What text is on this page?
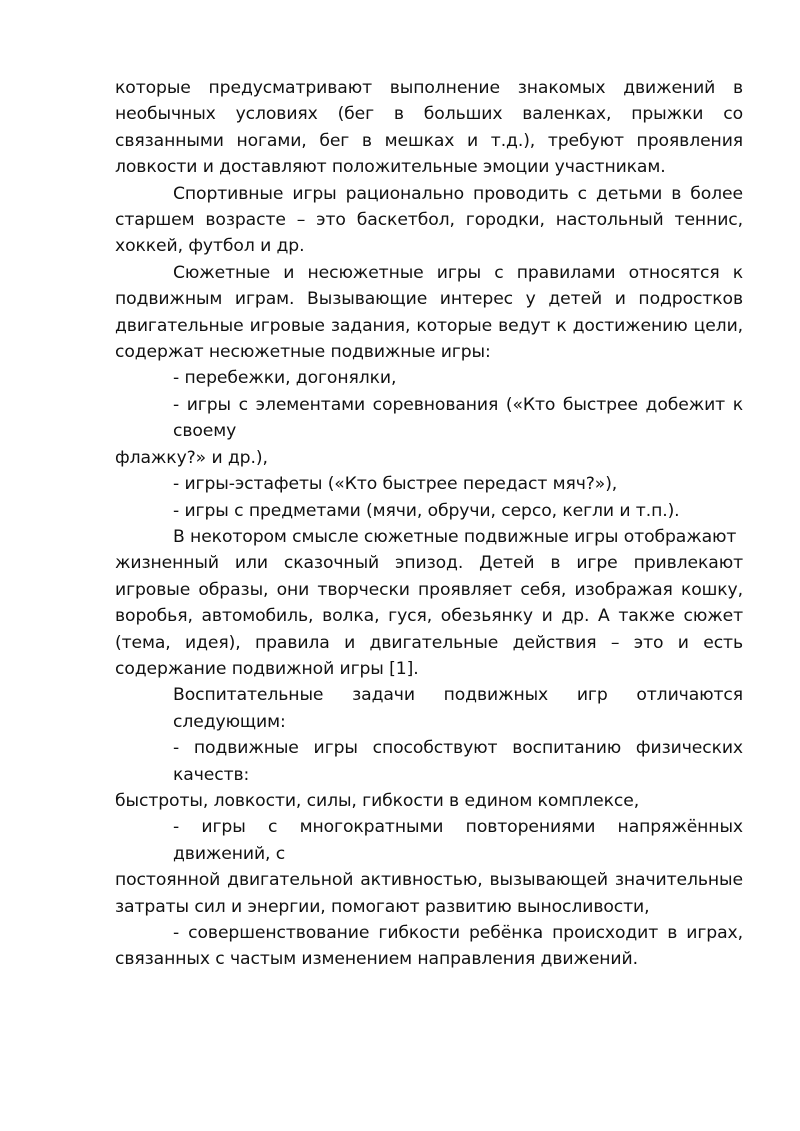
которые предусматривают выполнение знакомых движений в необычных условиях (бег в больших валенках, прыжки со связанными ногами, бег в мешках и т.д.), требуют проявления ловкости и доставляют положительные эмоции участникам.

Спортивные игры рационально проводить с детьми в более старшем возрасте – это баскетбол, городки, настольный теннис, хоккей, футбол и др.

Сюжетные и несюжетные игры с правилами относятся к подвижным играм. Вызывающие интерес у детей и подростков двигательные игровые задания, которые ведут к достижению цели, содержат несюжетные подвижные игры:

- перебежки, догонялки,

- игры с элементами соревнования («Кто быстрее добежит к своему

флажку?» и др.),

- игры-эстафеты («Кто быстрее передаст мяч?»),

- игры с предметами (мячи, обручи, серсо, кегли и т.п.).

В некотором смысле сюжетные подвижные игры отображают

жизненный или сказочный эпизод. Детей в игре привлекают игровые образы, они творчески проявляет себя, изображая кошку, воробья, автомобиль, волка, гуся, обезьянку и др. А также сюжет (тема, идея), правила и двигательные действия – это и есть содержание подвижной игры [1].

Воспитательные задачи подвижных игр отличаются следующим:

- подвижные игры способствуют воспитанию физических качеств:

быстроты, ловкости, силы, гибкости в едином комплексе,

- игры с многократными повторениями напряжённых движений, с

постоянной двигательной активностью, вызывающей значительные затраты сил и энергии, помогают развитию выносливости,

- совершенствование гибкости ребёнка происходит в играх, связанных с частым изменением направления движений.
